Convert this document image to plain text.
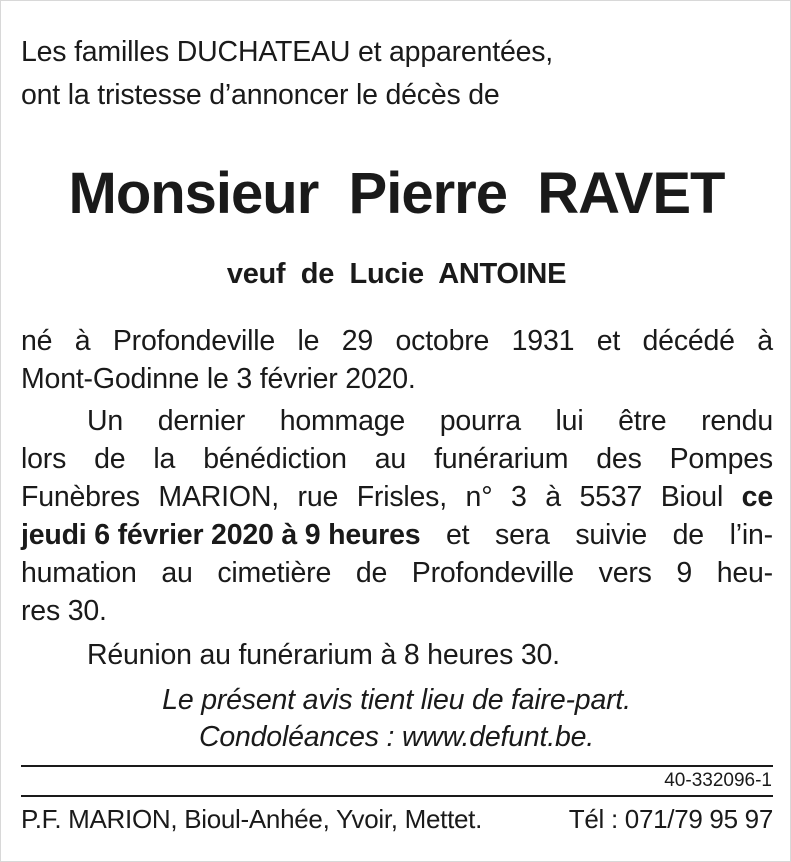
Les familles DUCHATEAU et apparentées,
ont la tristesse d’annoncer le décès de
Monsieur  Pierre  RAVET
veuf  de  Lucie  ANTOINE
né à Profondeville le 29 octobre 1931 et décédé à
Mont-Godinne le 3 février 2020.
Un dernier hommage pourra lui être rendu
lors de la bénédiction au funérarium des Pompes
Funèbres MARION, rue Frisles, n° 3 à 5537 Bioul ce
jeudi 6 février 2020 à 9 heures et sera suivie de l’in-
humation au cimetière de Profondeville vers 9 heu-
res 30.
Réunion au funérarium à 8 heures 30.
Le présent avis tient lieu de faire-part.
Condoléances : www.defunt.be.
40-332096-1
P.F. MARION, Bioul-Anhée, Yvoir, Mettet.	Tél : 071/79 95 97
